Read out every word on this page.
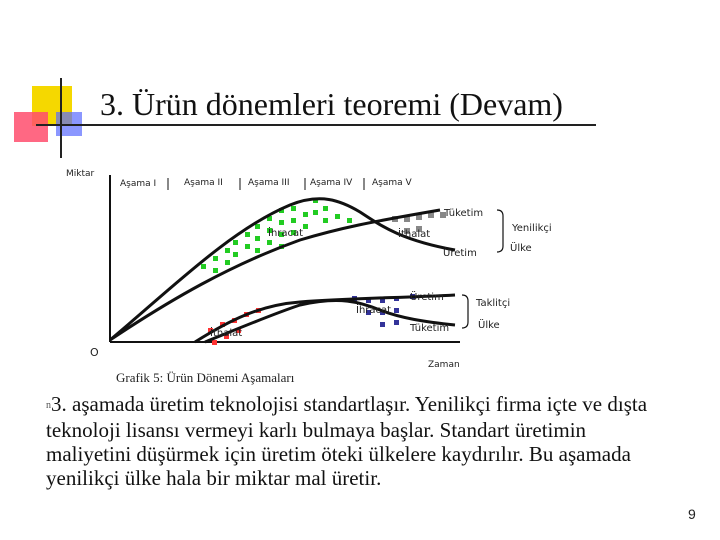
3. Ürün dönemleri teoremi (Devam)
Miktar
O
Zaman
Aşama I	Aşama II	Aşama III Aşama IV Aşama V
Tüketim
İhracat	İthalat
Üretim
Yenilikçi
Ülke
Üretim
İhracat
İthalat	Tüketim
Taklitçi
Ülke
Grafik 5: Ürün Dönemi Aşamaları
n3. aşamada üretim teknolojisi standartlaşır. Yenilikçi firma içte ve dışta teknoloji lisansı vermeyi karlı bulmaya başlar. Standart üretimin maliyetini düşürmek için üretim öteki ülkelere kaydırılır. Bu aşamada yenilikçi ülke hala bir miktar mal üretir.
9
